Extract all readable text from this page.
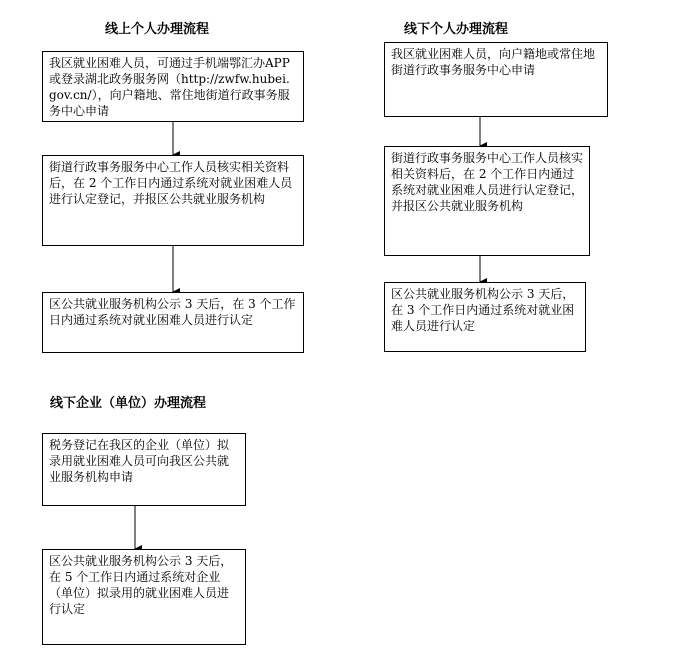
线上个人办理流程	线下个人办理流程
线下企业（单位）办理流程
我区就业困难人员，可通过手机端鄂汇办APP 或登录湖北政务服务网（http://zwfw.hubei.gov.cn/），向户籍地、常住地街道行政事务服务中心申请
街道行政事务服务中心工作人员核实相关资料后，在 2 个工作日内通过系统对就业困难人员进行认定登记，并报区公共就业服务机构
区公共就业服务机构公示 3 天后，在 3 个工作日内通过系统对就业困难人员进行认定
我区就业困难人员，向户籍地或常住地街道行政事务服务中心申请
街道行政事务服务中心工作人员核实相关资料后，在 2 个工作日内通过系统对就业困难人员进行认定登记，并报区公共就业服务机构
区公共就业服务机构公示 3 天后，在 3 个工作日内通过系统对就业困难人员进行认定
税务登记在我区的企业（单位）拟录用就业困难人员可向我区公共就业服务机构申请
区公共就业服务机构公示 3 天后，在 5 个工作日内通过系统对企业（单位）拟录用的就业困难人员进行认定
